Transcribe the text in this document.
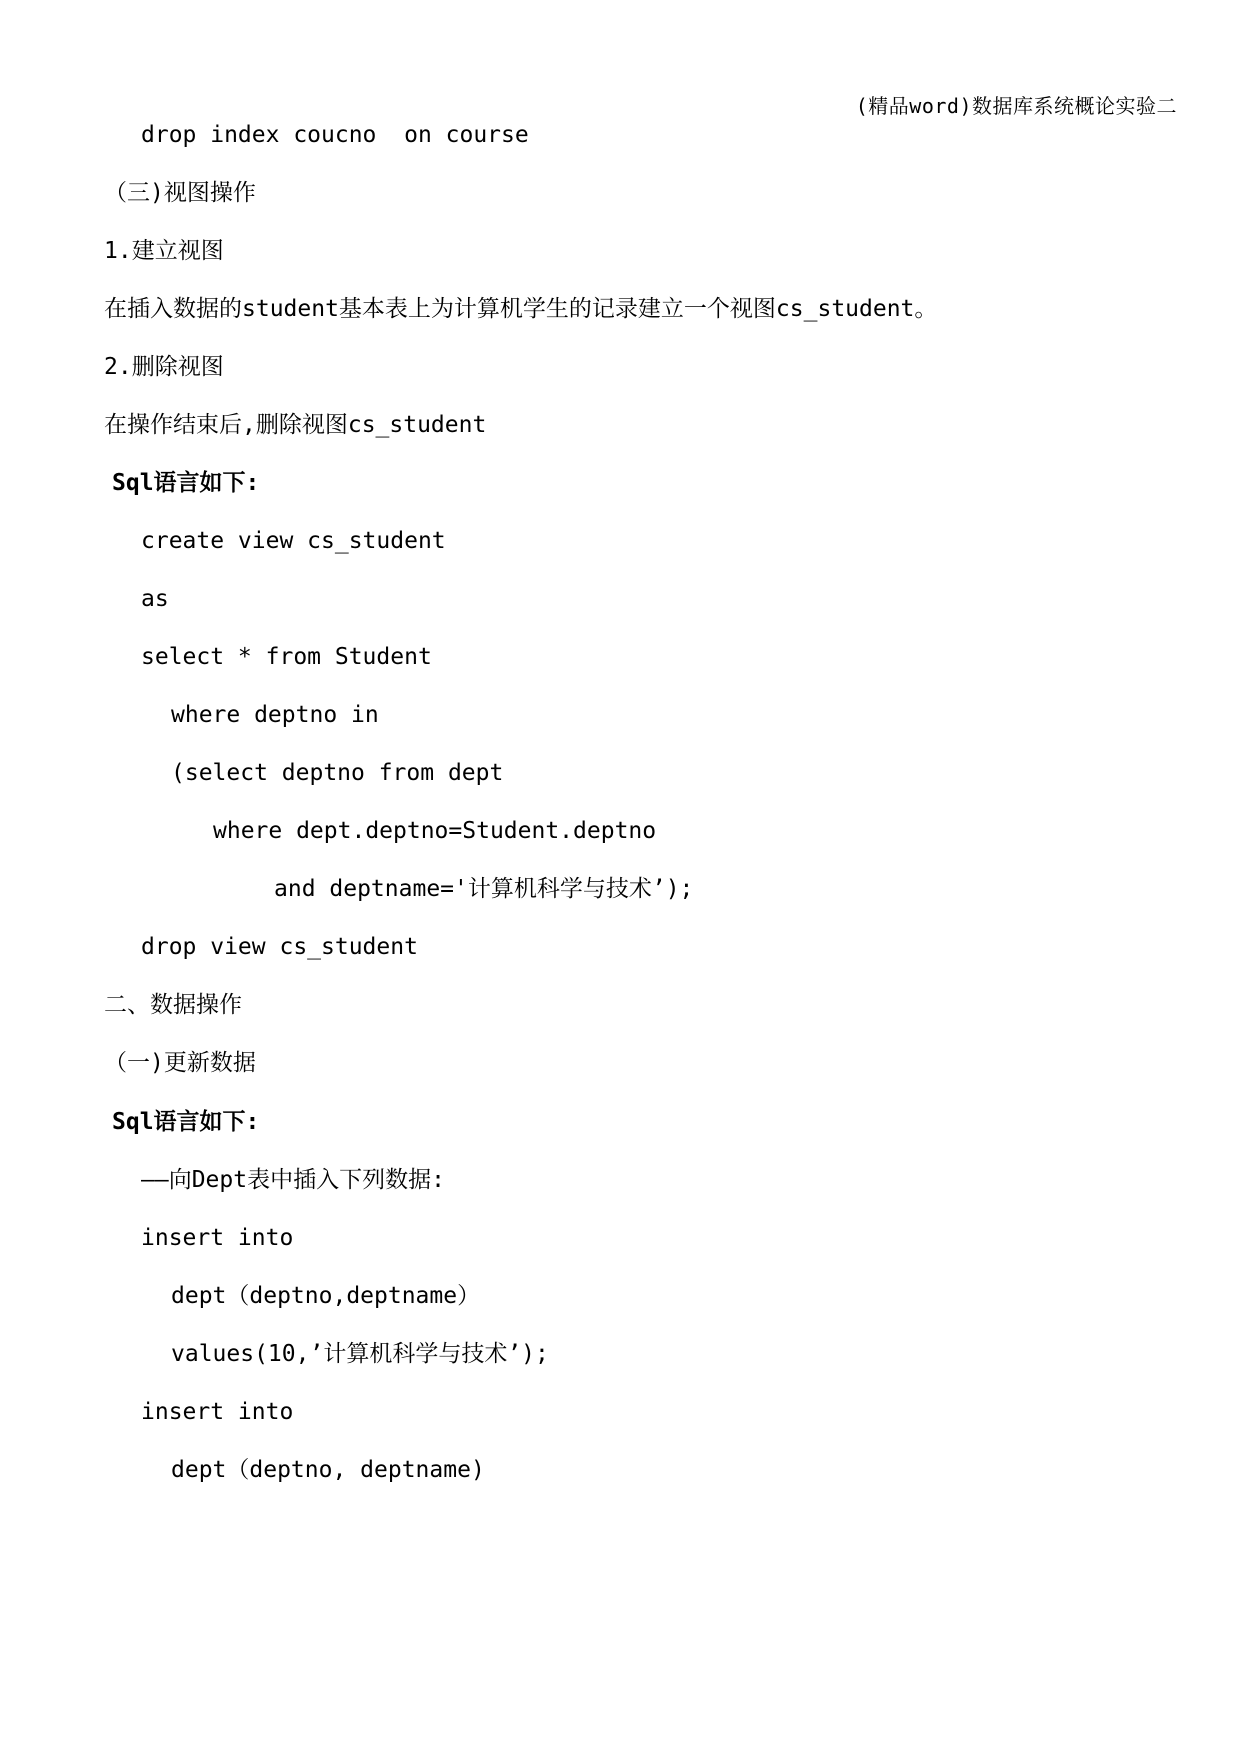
(精品word)数据库系统概论实验二
drop index coucno  on course
（三)视图操作
1.建立视图
在插入数据的student基本表上为计算机学生的记录建立一个视图cs_student。
2.删除视图
在操作结束后,删除视图cs_student
Sql语言如下:
create view cs_student
as
select * from Student
where deptno in
(select deptno from dept
where dept.deptno=Student.deptno
and deptname='计算机科学与技术’);
drop view cs_student
二、数据操作
（一)更新数据
Sql语言如下:
——向Dept表中插入下列数据:
insert into
dept（deptno,deptname）
values(10,’计算机科学与技术’);
insert into
dept（deptno, deptname)
